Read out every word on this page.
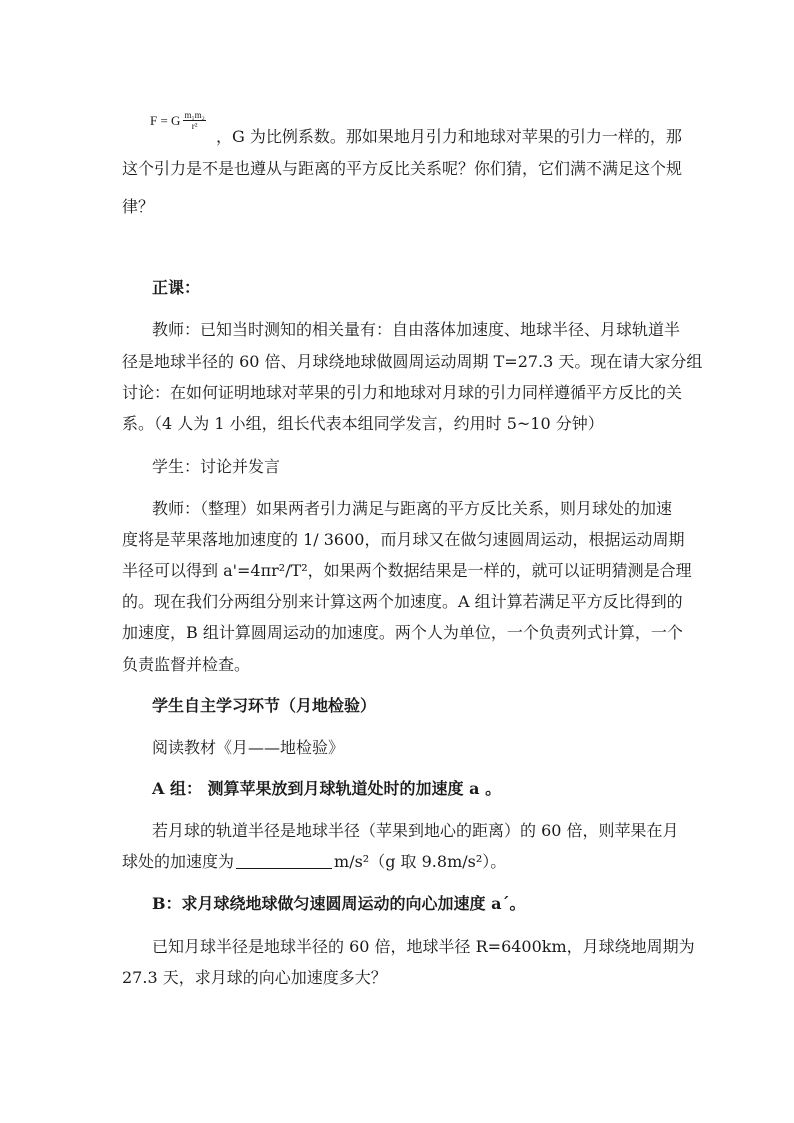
F = G $\frac{\text{m₁m₂}}{\text{r²}}$
，G 为比例系数。那如果地月引力和地球对苹果的引力一样的，那
这个引力是不是也遵从与距离的平方反比关系呢？你们猜，它们满不满足这个规
律？
正课：
教师：已知当时测知的相关量有：自由落体加速度、地球半径、月球轨道半
径是地球半径的 60 倍、月球绕地球做圆周运动周期 T=27.3 天。现在请大家分组
讨论：在如何证明地球对苹果的引力和地球对月球的引力同样遵循平方反比的关
系。（4 人为 1 小组，组长代表本组同学发言，约用时 5~10 分钟）
学生：讨论并发言
教师：（整理）如果两者引力满足与距离的平方反比关系，则月球处的加速
度将是苹果落地加速度的 1/ 3600，而月球又在做匀速圆周运动，根据运动周期
半径可以得到 a'=4πr²/T²，如果两个数据结果是一样的，就可以证明猜测是合理
的。现在我们分两组分别来计算这两个加速度。A 组计算若满足平方反比得到的
加速度，B 组计算圆周运动的加速度。两个人为单位，一个负责列式计算，一个
负责监督并检查。
学生自主学习环节（月地检验）
阅读教材《月——地检验》
A 组： 测算苹果放到月球轨道处时的加速度 a 。
若月球的轨道半径是地球半径（苹果到地心的距离）的 60 倍，则苹果在月
球处的加速度为	m/s²（g 取 9.8m/s²）。
B：求月球绕地球做匀速圆周运动的向心加速度 a´。
已知月球半径是地球半径的 60 倍，地球半径 R=6400km，月球绕地周期为
27.3 天，求月球的向心加速度多大？
